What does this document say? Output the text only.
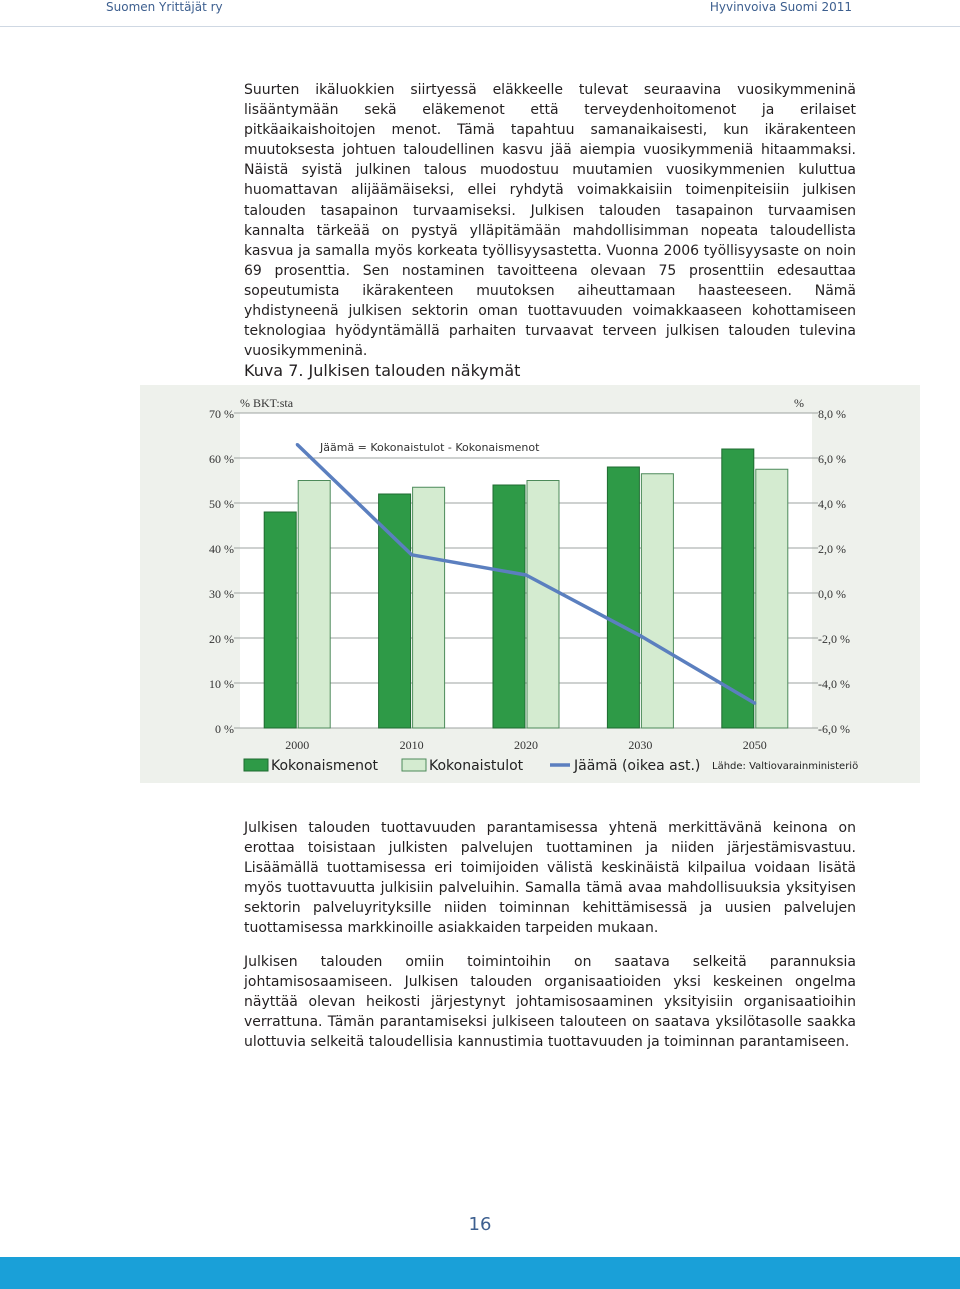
Suomen Yrittäjät ry	Hyvinvoiva Suomi 2011

Suurten ikäluokkien siirtyessä eläkkeelle tulevat seuraavina vuosikymmeninä lisääntymään sekä eläkemenot että terveydenhoitomenot ja erilaiset pitkäaikaishoitojen menot. Tämä tapahtuu samanaikaisesti, kun ikärakenteen muutoksesta johtuen taloudellinen kasvu jää aiempia vuosikymmeniä hitaammaksi. Näistä syistä julkinen talous muodostuu muutamien vuosikymmenien kuluttua huomattavan alijäämäiseksi, ellei ryhdytä voimakkaisiin toimenpiteisiin julkisen talouden tasapainon turvaamiseksi. Julkisen talouden tasapainon turvaamisen kannalta tärkeää on pystyä ylläpitämään mahdollisimman nopeata taloudellista kasvua ja samalla myös korkeata työllisyysastetta. Vuonna 2006 työllisyysaste on noin 69 prosenttia. Sen nostaminen tavoitteena olevaan 75 prosenttiin edesauttaa sopeutumista ikärakenteen muutoksen aiheuttamaan haasteeseen. Nämä yhdistyneenä julkisen sektorin oman tuottavuuden voimakkaaseen kohottamiseen teknologiaa hyödyntämällä parhaiten turvaavat terveen julkisen talouden tulevina vuosikymmeninä.

Kuva 7. Julkisen talouden näkymät

0 %	-6,0 %
10 %	-4,0 %
20 %	-2,0 %
30 %	0,0 %
40 %	2,0 %
50 %	4,0 %
60 %	6,0 %
70 %	8,0 %
% BKT:sta	%
Jäämä = Kokonaistulot - Kokonaismenot
2000	2010	2020	2030	2050
Kokonaismenot	Kokonaistulot	Jäämä (oikea ast.) Lähde: Valtiovarainministeriö

Julkisen talouden tuottavuuden parantamisessa yhtenä merkittävänä keinona on erottaa toisistaan julkisten palvelujen tuottaminen ja niiden järjestämisvastuu. Lisäämällä tuottamisessa eri toimijoiden välistä keskinäistä kilpailua voidaan lisätä myös tuottavuutta julkisiin palveluihin. Samalla tämä avaa mahdollisuuksia yksityisen sektorin palveluyrityksille niiden toiminnan kehittämisessä ja uusien palvelujen tuottamisessa markkinoille asiakkaiden tarpeiden mukaan.

Julkisen talouden omiin toimintoihin on saatava selkeitä parannuksia johtamisosaamiseen. Julkisen talouden organisaatioiden yksi keskeinen ongelma näyttää olevan heikosti järjestynyt johtamisosaaminen yksityisiin organisaatioihin verrattuna. Tämän parantamiseksi julkiseen talouteen on saatava yksilötasolle saakka ulottuvia selkeitä taloudellisia kannustimia tuottavuuden ja toiminnan parantamiseen.

16
